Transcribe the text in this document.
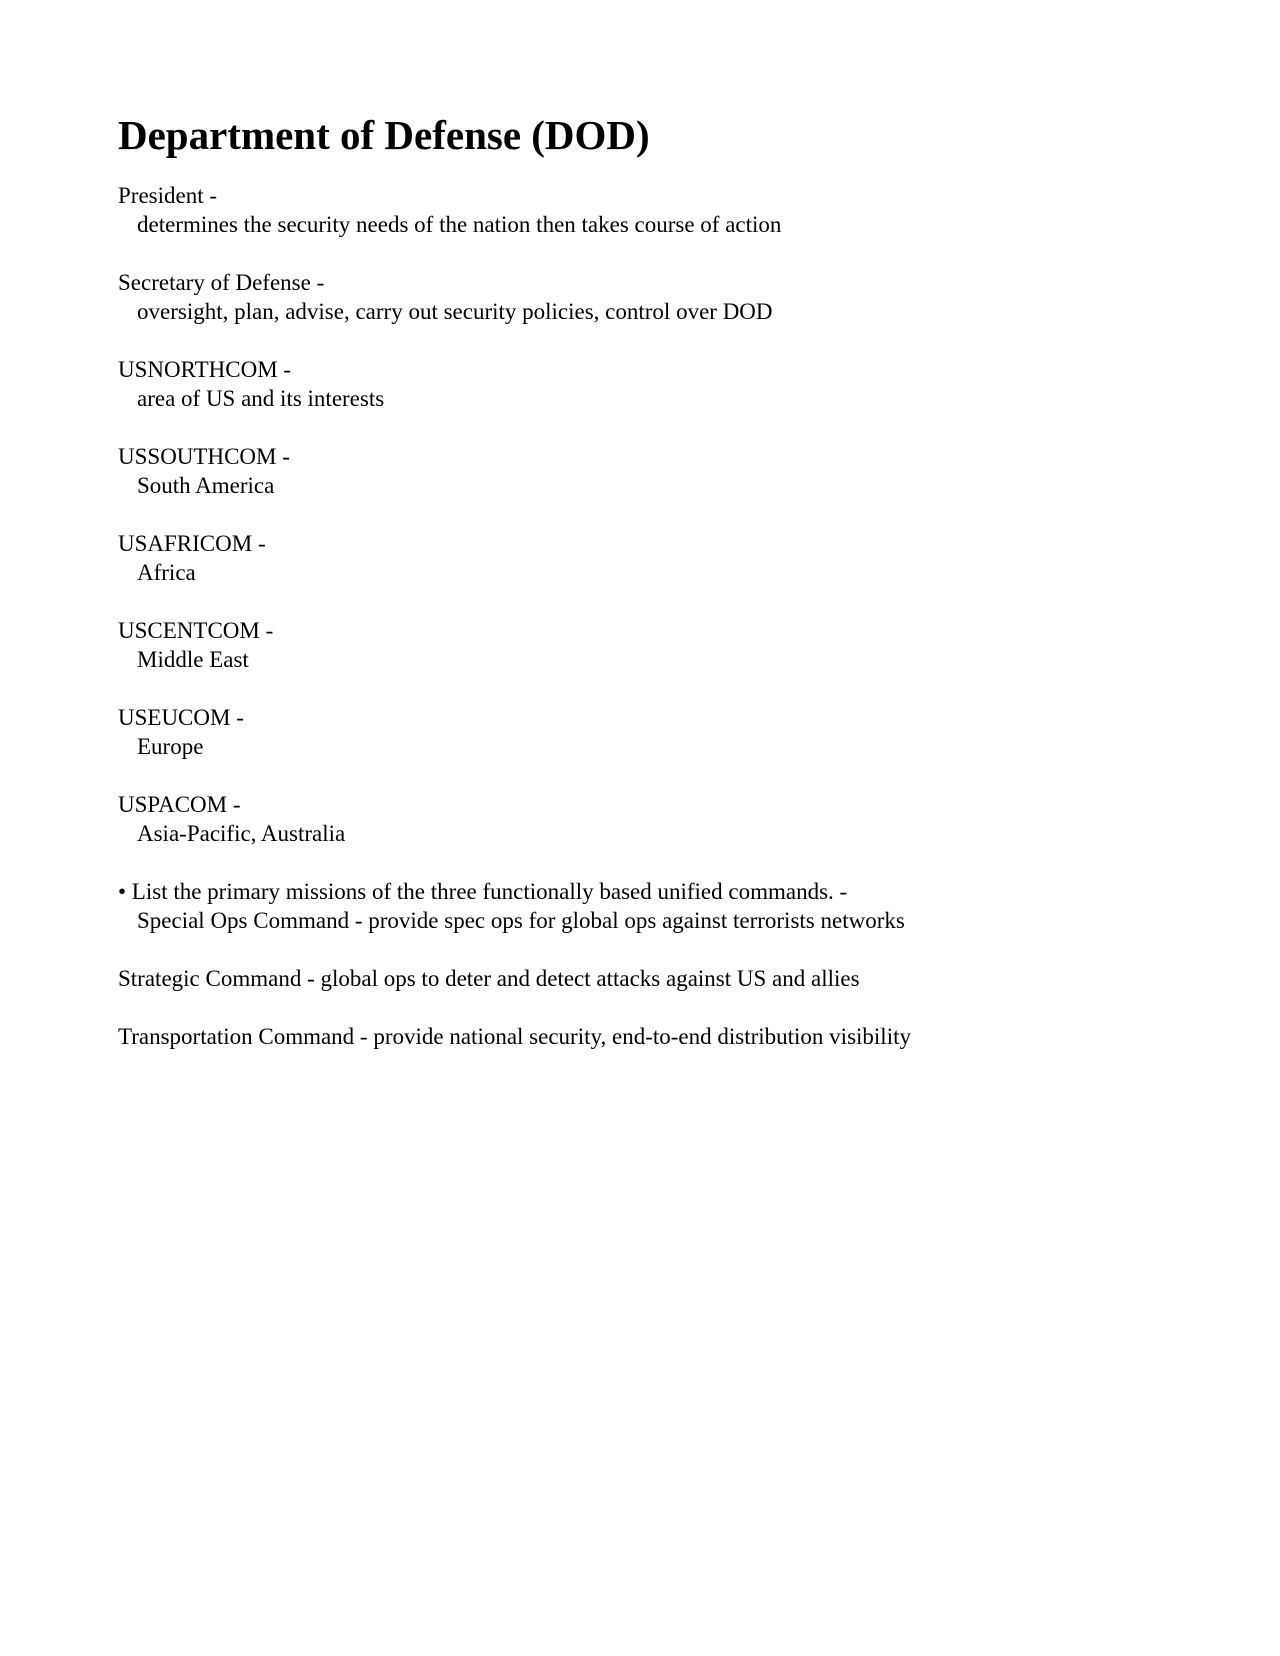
Department of Defense (DOD)
President -
determines the security needs of the nation then takes course of action
Secretary of Defense -
oversight, plan, advise, carry out security policies, control over DOD
USNORTHCOM -
area of US and its interests
USSOUTHCOM -
South America
USAFRICOM -
Africa
USCENTCOM -
Middle East
USEUCOM -
Europe
USPACOM -
Asia-Pacific, Australia
• List the primary missions of the three functionally based unified commands. -
Special Ops Command - provide spec ops for global ops against terrorists networks
Strategic Command - global ops to deter and detect attacks against US and allies
Transportation Command - provide national security, end-to-end distribution visibility
